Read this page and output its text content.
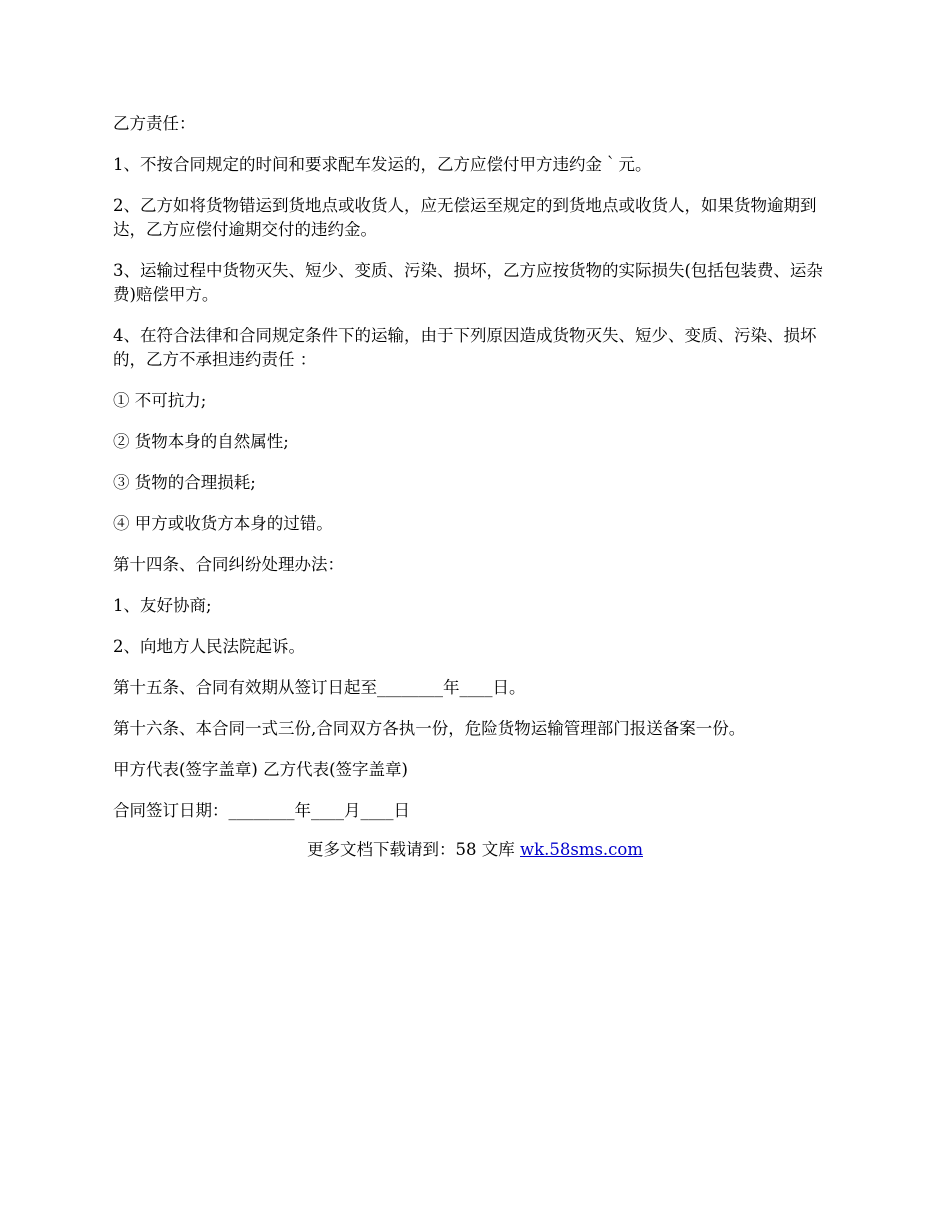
乙方责任：

1、不按合同规定的时间和要求配车发运的，乙方应偿付甲方违约金｀元。

2、乙方如将货物错运到货地点或收货人，应无偿运至规定的到货地点或收货人，如果货物逾期到达，乙方应偿付逾期交付的违约金。

3、运输过程中货物灭失、短少、变质、污染、损坏，乙方应按货物的实际损失(包括包装费、运杂费)赔偿甲方。

4、在符合法律和合同规定条件下的运输，由于下列原因造成货物灭失、短少、变质、污染、损坏的，乙方不承担违约责任 ：

① 不可抗力;

② 货物本身的自然属性;

③ 货物的合理损耗;

④ 甲方或收货方本身的过错。

第十四条、合同纠纷处理办法：

1、友好协商;

2、向地方人民法院起诉。

第十五条、合同有效期从签订日起至________年____日。

第十六条、本合同一式三份,合同双方各执一份，危险货物运输管理部门报送备案一份。

甲方代表(签字盖章) 乙方代表(签字盖章)

合同签订日期：________年____月____日

更多文档下载请到：58 文库 wk.58sms.com
